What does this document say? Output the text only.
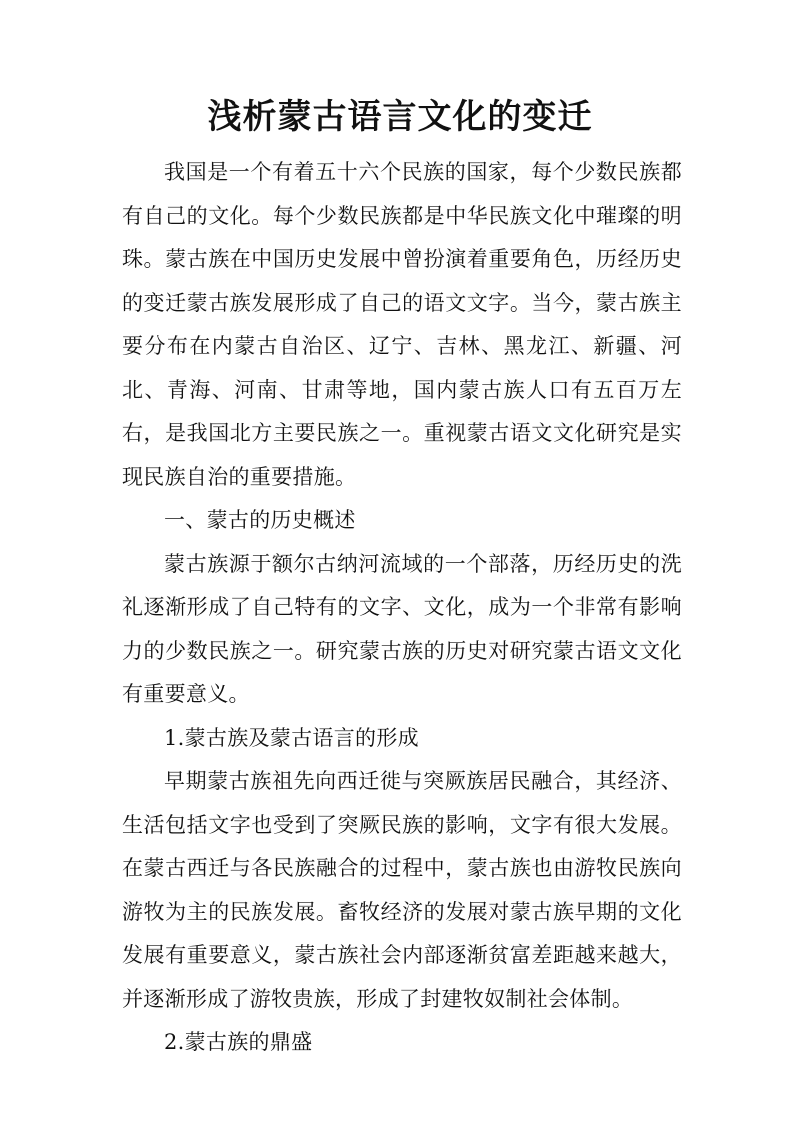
浅析蒙古语言文化的变迁

我国是一个有着五十六个民族的国家，每个少数民族都有自己的文化。每个少数民族都是中华民族文化中璀璨的明珠。蒙古族在中国历史发展中曾扮演着重要角色，历经历史的变迁蒙古族发展形成了自己的语文文字。当今，蒙古族主要分布在内蒙古自治区、辽宁、吉林、黑龙江、新疆、河北、青海、河南、甘肃等地，国内蒙古族人口有五百万左右，是我国北方主要民族之一。重视蒙古语文文化研究是实现民族自治的重要措施。

一、蒙古的历史概述

蒙古族源于额尔古纳河流域的一个部落，历经历史的洗礼逐渐形成了自己特有的文字、文化，成为一个非常有影响力的少数民族之一。研究蒙古族的历史对研究蒙古语文文化有重要意义。

1.蒙古族及蒙古语言的形成

早期蒙古族祖先向西迁徙与突厥族居民融合，其经济、生活包括文字也受到了突厥民族的影响，文字有很大发展。在蒙古西迁与各民族融合的过程中，蒙古族也由游牧民族向游牧为主的民族发展。畜牧经济的发展对蒙古族早期的文化发展有重要意义，蒙古族社会内部逐渐贫富差距越来越大，并逐渐形成了游牧贵族，形成了封建牧奴制社会体制。

2.蒙古族的鼎盛
